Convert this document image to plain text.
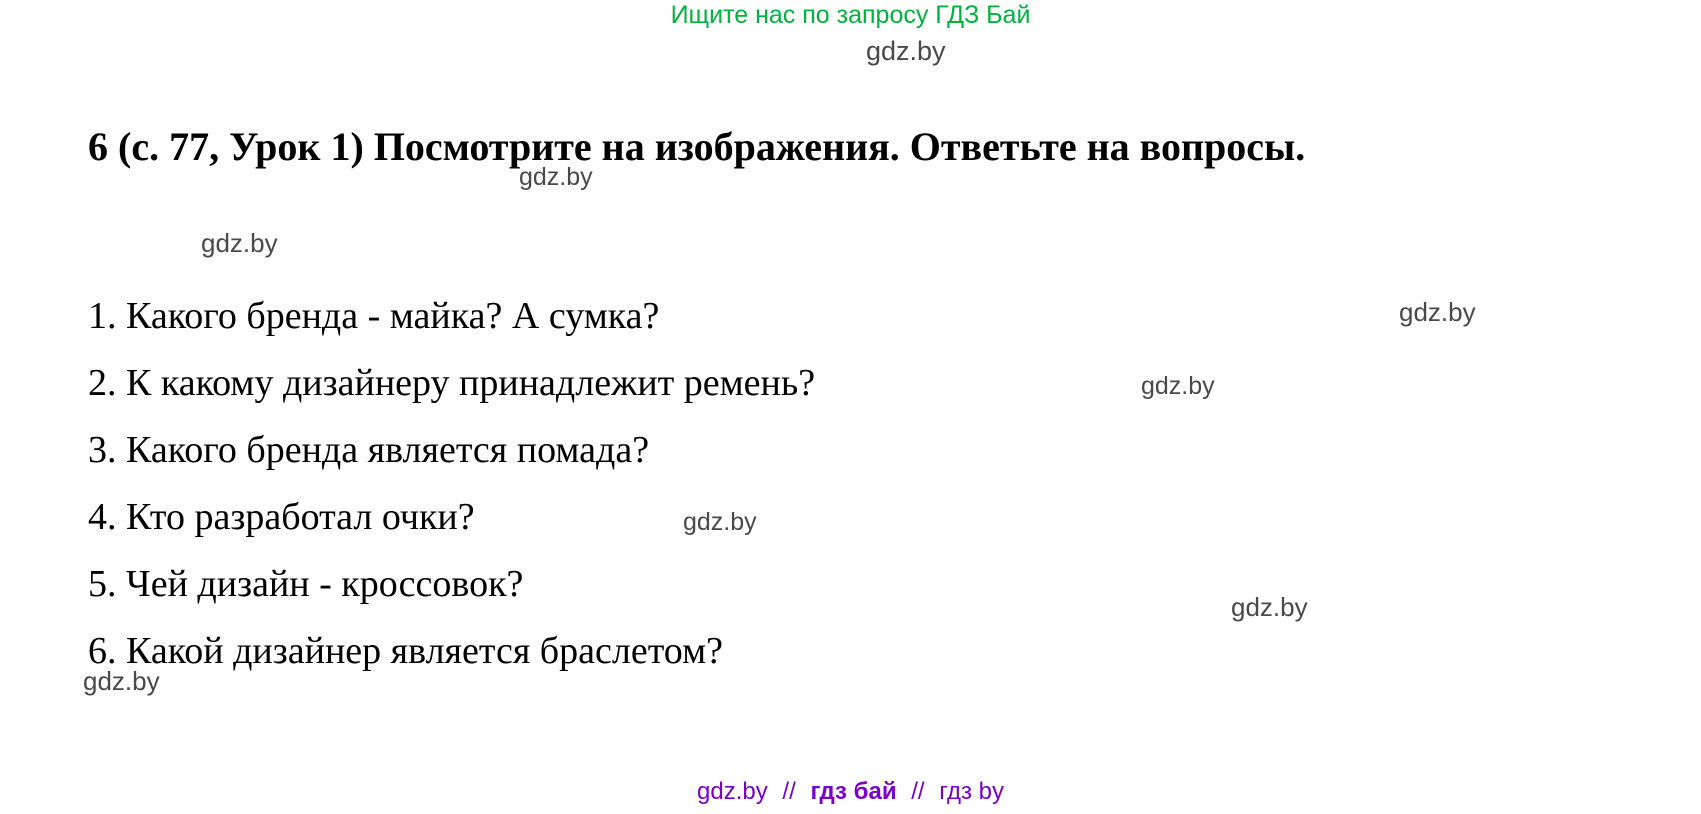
Ищите нас по запросу ГДЗ Бай
gdz.by
6 (с. 77, Урок 1) Посмотрите на изображения. Ответьте на вопросы.
gdz.by
gdz.by
gdz.by
gdz.by
gdz.by
gdz.by
gdz.by
1. Какого бренда - майка? А сумка?
2. К какому дизайнеру принадлежит ремень?
3. Какого бренда является помада?
4. Кто разработал очки?
5. Чей дизайн - кроссовок?
6. Какой дизайнер является браслетом?
gdz.by // гдз бай // гдз by
